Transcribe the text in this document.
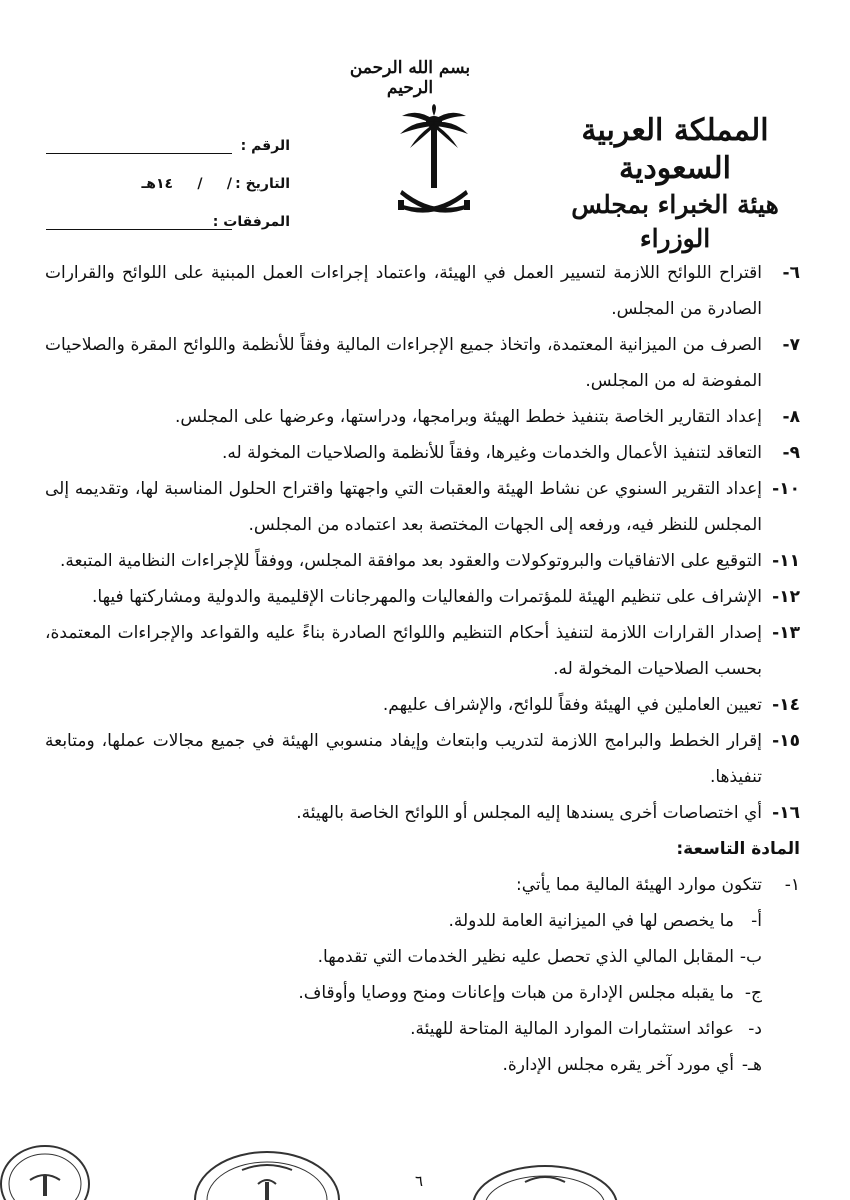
بسم الله الرحمن الرحيم
المملكة العربية السعودية
هيئة الخبراء بمجلس الوزراء
الرقم :
التاريخ :
/     /     ١٤هـ
المرفقات :
٦-
اقتراح اللوائح اللازمة لتسيير العمل في الهيئة، واعتماد إجراءات العمل المبنية على اللوائح والقرارات الصادرة من المجلس.
٧-
الصرف من الميزانية المعتمدة، واتخاذ جميع الإجراءات المالية وفقاً للأنظمة واللوائح المقرة والصلاحيات المفوضة له من المجلس.
٨-
إعداد التقارير الخاصة بتنفيذ خطط الهيئة وبرامجها، ودراستها، وعرضها على المجلس.
٩-
التعاقد لتنفيذ الأعمال والخدمات وغيرها، وفقاً للأنظمة والصلاحيات المخولة له.
١٠-
إعداد التقرير السنوي عن نشاط الهيئة والعقبات التي واجهتها واقتراح الحلول المناسبة لها، وتقديمه إلى المجلس للنظر فيه، ورفعه إلى الجهات المختصة بعد اعتماده من المجلس.
١١-
التوقيع على الاتفاقيات والبروتوكولات والعقود بعد موافقة المجلس، ووفقاً للإجراءات النظامية المتبعة.
١٢-
الإشراف على تنظيم الهيئة للمؤتمرات والفعاليات والمهرجانات الإقليمية والدولية ومشاركتها فيها.
١٣-
إصدار القرارات اللازمة لتنفيذ أحكام التنظيم واللوائح الصادرة بناءً عليه والقواعد والإجراءات المعتمدة، بحسب الصلاحيات المخولة له.
١٤-
تعيين العاملين في الهيئة وفقاً للوائح، والإشراف عليهم.
١٥-
إقرار الخطط والبرامج اللازمة لتدريب وابتعاث وإيفاد منسوبي الهيئة في جميع مجالات عملها، ومتابعة تنفيذها.
١٦-
أي اختصاصات أخرى يسندها إليه المجلس أو اللوائح الخاصة بالهيئة.
المادة التاسعة:
١-
تتكون موارد الهيئة المالية مما يأتي:
أ-
ما يخصص لها في الميزانية العامة للدولة.
ب-
المقابل المالي الذي تحصل عليه نظير الخدمات التي تقدمها.
ج-
ما يقبله مجلس الإدارة من هبات وإعانات ومنح ووصايا وأوقاف.
د-
عوائد استثمارات الموارد المالية المتاحة للهيئة.
هـ-
أي مورد آخر يقره مجلس الإدارة.
٦
